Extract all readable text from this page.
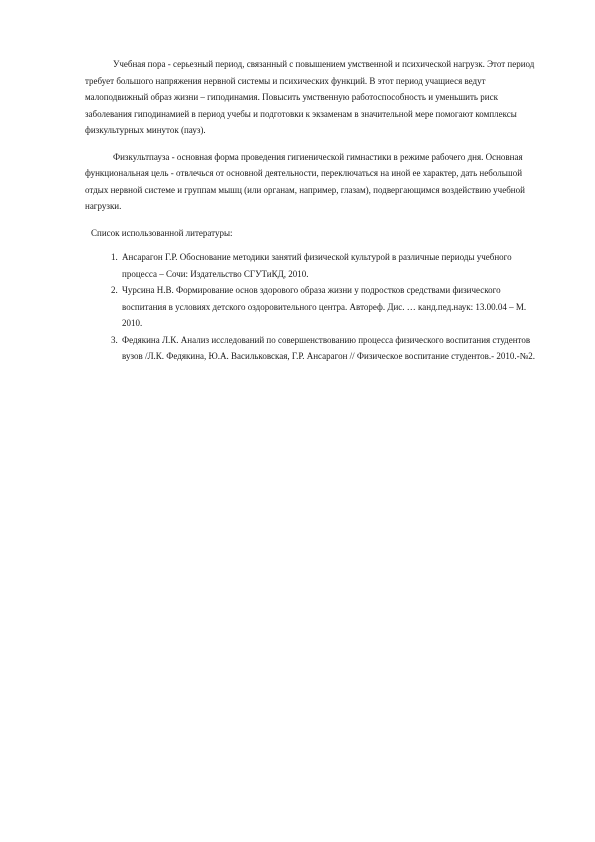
Учебная пора - серьезный период, связанный с повышением умственной и психической нагрузк. Этот период требует большого напряжения нервной системы и психических функций. В этот период учащиеся ведут малоподвижный образ жизни – гиподинамия. Повысить умственную работоспособность и уменьшить риск заболевания гиподинамией в период учебы и подготовки к экзаменам в значительной мере помогают комплексы физкультурных минуток (пауз).

Физкультпауза - основная форма проведения гигиенической гимнастики в режиме рабочего дня. Основная функциональная цель - отвлечься от основной деятельности, переключаться на иной ее характер, дать небольшой отдых нервной системе и группам мышц (или органам, например, глазам), подвергающимся воздействию учебной нагрузки.

Список использованной литературы:

1. Ансарагон Г.Р. Обоснование методики занятий физической культурой в различные периоды учебного процесса – Сочи: Издательство СГУТиКД, 2010.
2. Чурсина Н.В. Формирование основ здорового образа жизни у подростков средствами физического воспитания в условиях детского оздоровительного центра. Автореф. Дис. … канд.пед.наук: 13.00.04 – М. 2010.
3. Федякина Л.К. Анализ исследований по совершенствованию процесса физического воспитания студентов вузов /Л.К. Федякина, Ю.А. Васильковская, Г.Р. Ансарагон // Физическое воспитание студентов.- 2010.-№2.
